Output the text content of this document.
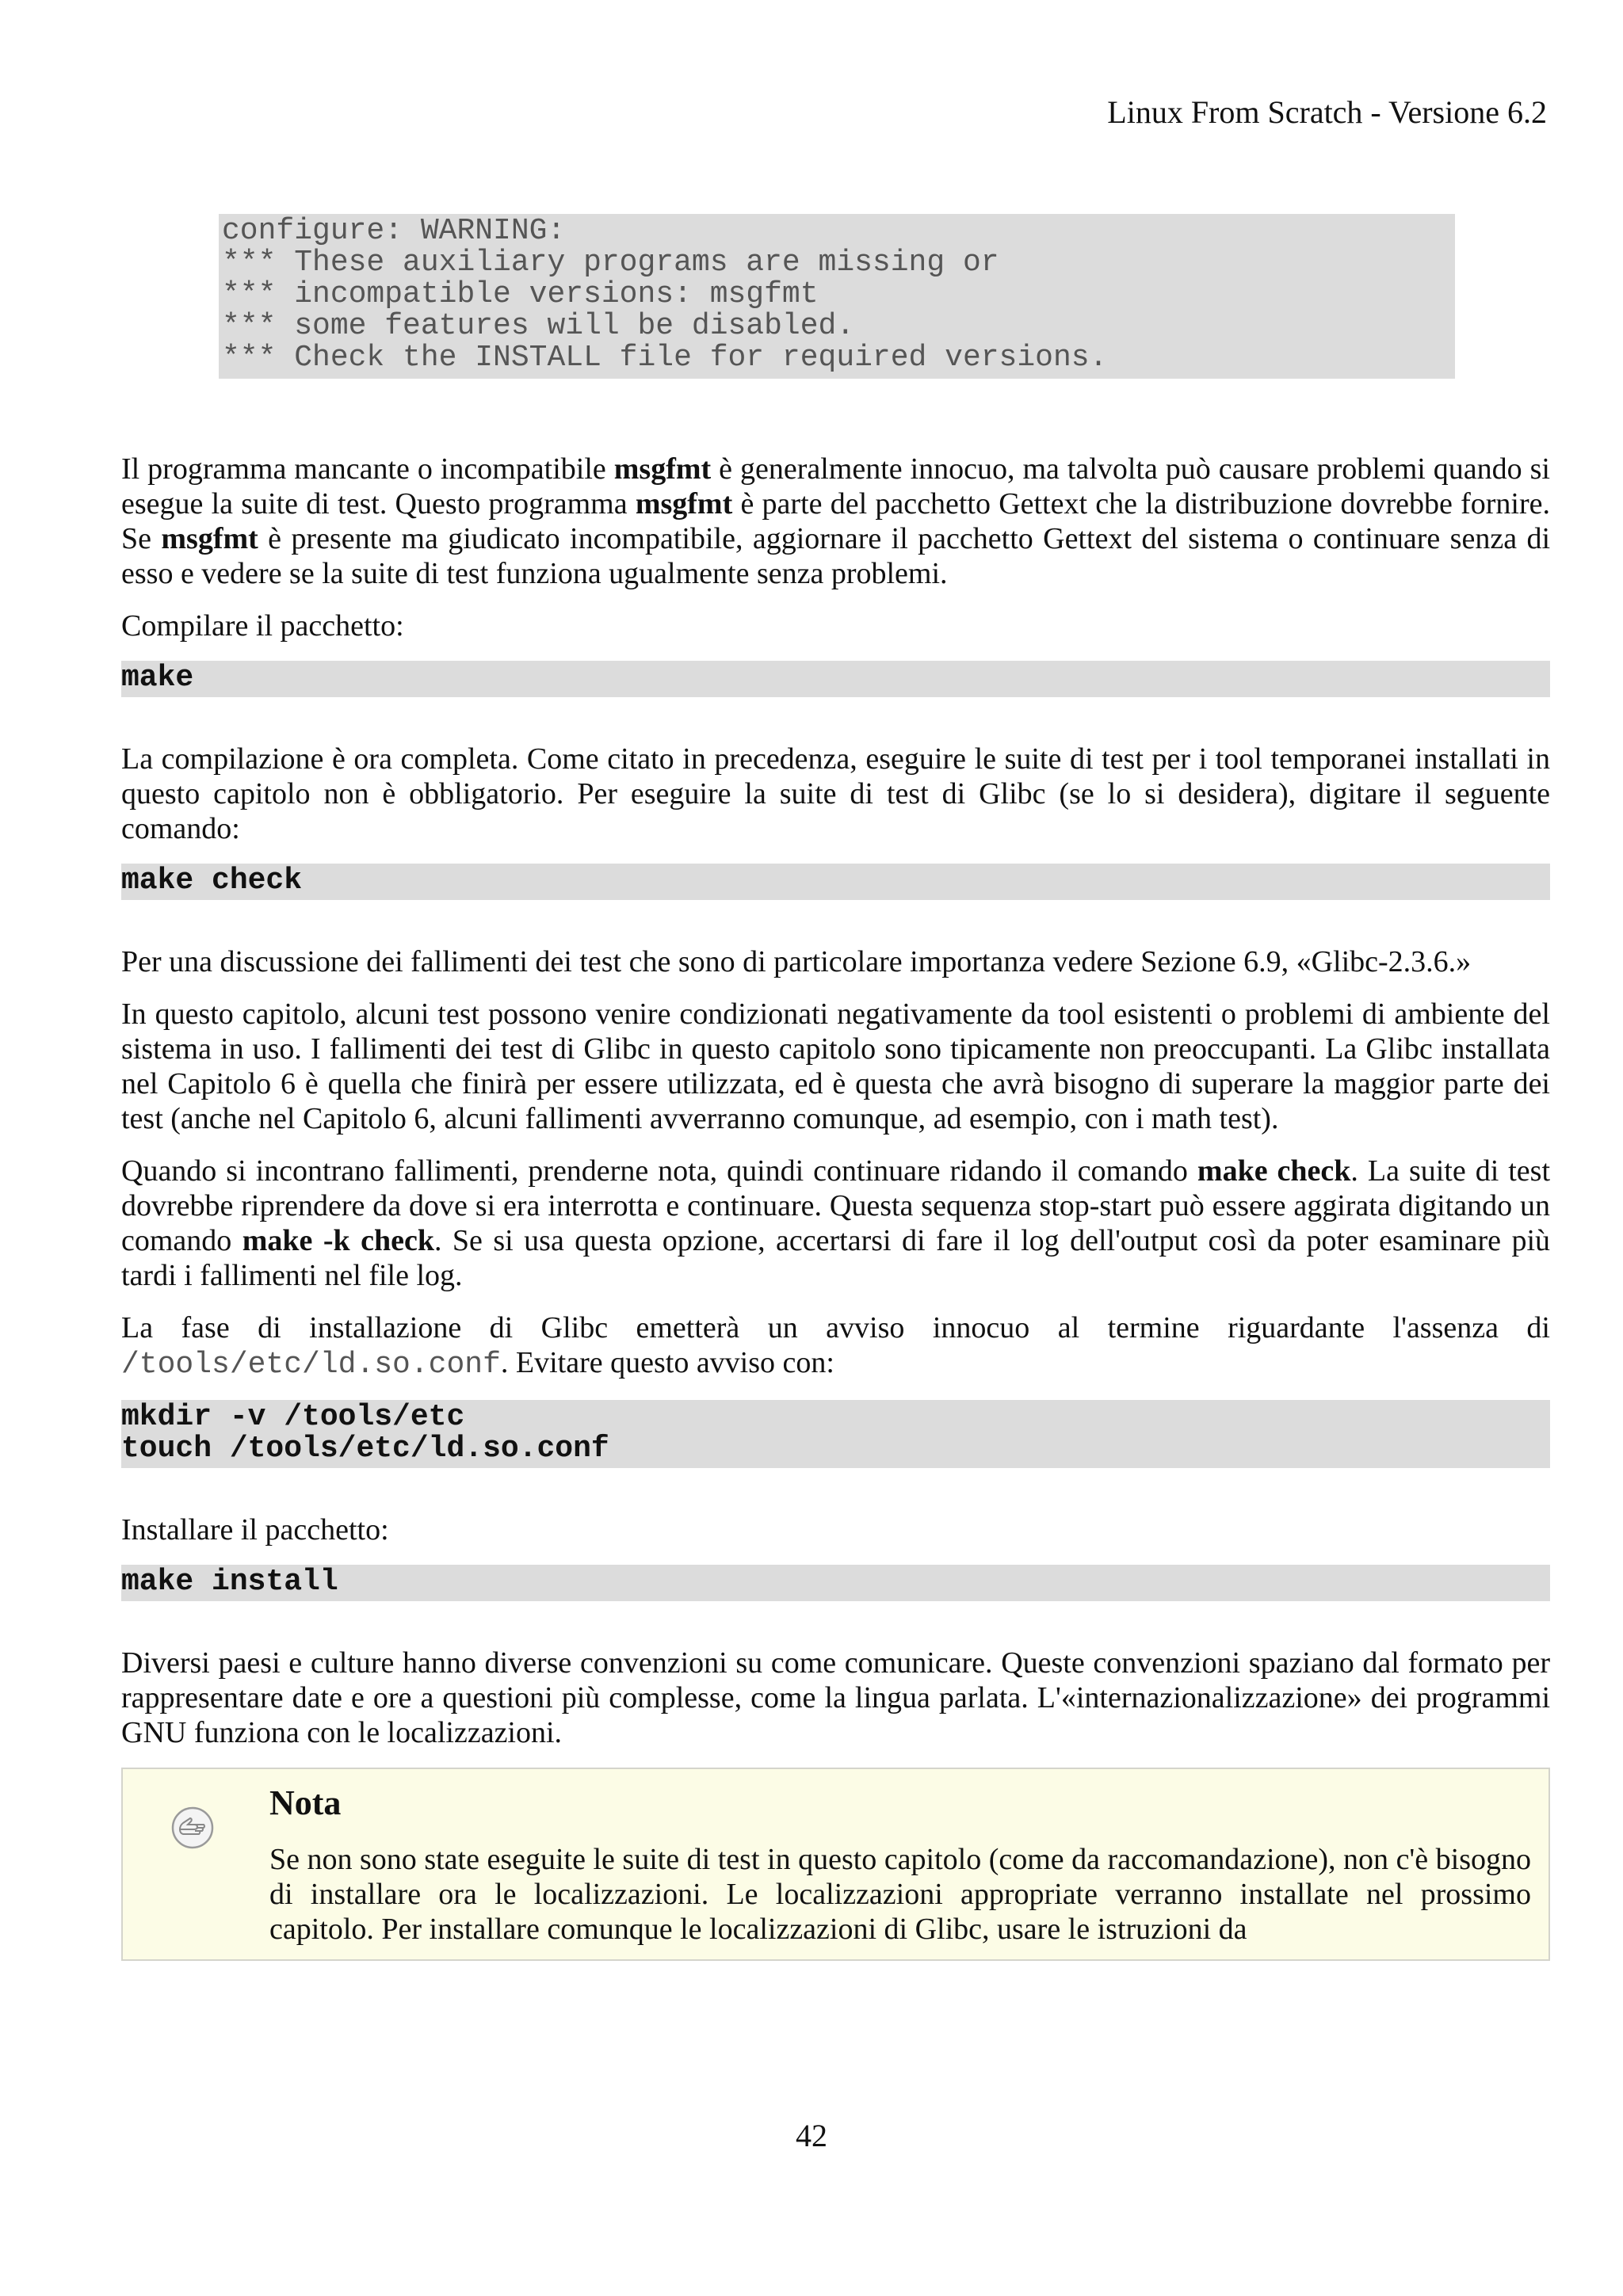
Linux From Scratch - Versione 6.2
configure: WARNING:
*** These auxiliary programs are missing or
*** incompatible versions: msgfmt
*** some features will be disabled.
*** Check the INSTALL file for required versions.

Il programma mancante o incompatibile msgfmt è generalmente innocuo, ma talvolta può causare problemi quando si esegue la suite di test. Questo programma msgfmt è parte del pacchetto Gettext che la distribuzione dovrebbe fornire. Se msgfmt è presente ma giudicato incompatibile, aggiornare il pacchetto Gettext del sistema o continuare senza di esso e vedere se la suite di test funziona ugualmente senza problemi.

Compilare il pacchetto:

make

La compilazione è ora completa. Come citato in precedenza, eseguire le suite di test per i tool temporanei installati in questo capitolo non è obbligatorio. Per eseguire la suite di test di Glibc (se lo si desidera), digitare il seguente comando:

make check

Per una discussione dei fallimenti dei test che sono di particolare importanza vedere Sezione 6.9, «Glibc-2.3.6.»

In questo capitolo, alcuni test possono venire condizionati negativamente da tool esistenti o problemi di ambiente del sistema in uso. I fallimenti dei test di Glibc in questo capitolo sono tipicamente non preoccupanti. La Glibc installata nel Capitolo 6 è quella che finirà per essere utilizzata, ed è questa che avrà bisogno di superare la maggior parte dei test (anche nel Capitolo 6, alcuni fallimenti avverranno comunque, ad esempio, con i math test).

Quando si incontrano fallimenti, prenderne nota, quindi continuare ridando il comando make check. La suite di test dovrebbe riprendere da dove si era interrotta e continuare. Questa sequenza stop-start può essere aggirata digitando un comando make -k check. Se si usa questa opzione, accertarsi di fare il log dell'output così da poter esaminare più tardi i fallimenti nel file log.

La fase di installazione di Glibc emetterà un avviso innocuo al termine riguardante l'assenza di /tools/etc/ld.so.conf. Evitare questo avviso con:

mkdir -v /tools/etc
touch /tools/etc/ld.so.conf

Installare il pacchetto:

make install

Diversi paesi e culture hanno diverse convenzioni su come comunicare. Queste convenzioni spaziano dal formato per rappresentare date e ore a questioni più complesse, come la lingua parlata. L'«internazionalizzazione» dei programmi GNU funziona con le localizzazioni.

Nota

Se non sono state eseguite le suite di test in questo capitolo (come da raccomandazione), non c'è bisogno di installare ora le localizzazioni. Le localizzazioni appropriate verranno installate nel prossimo capitolo. Per installare comunque le localizzazioni di Glibc, usare le istruzioni da

42
